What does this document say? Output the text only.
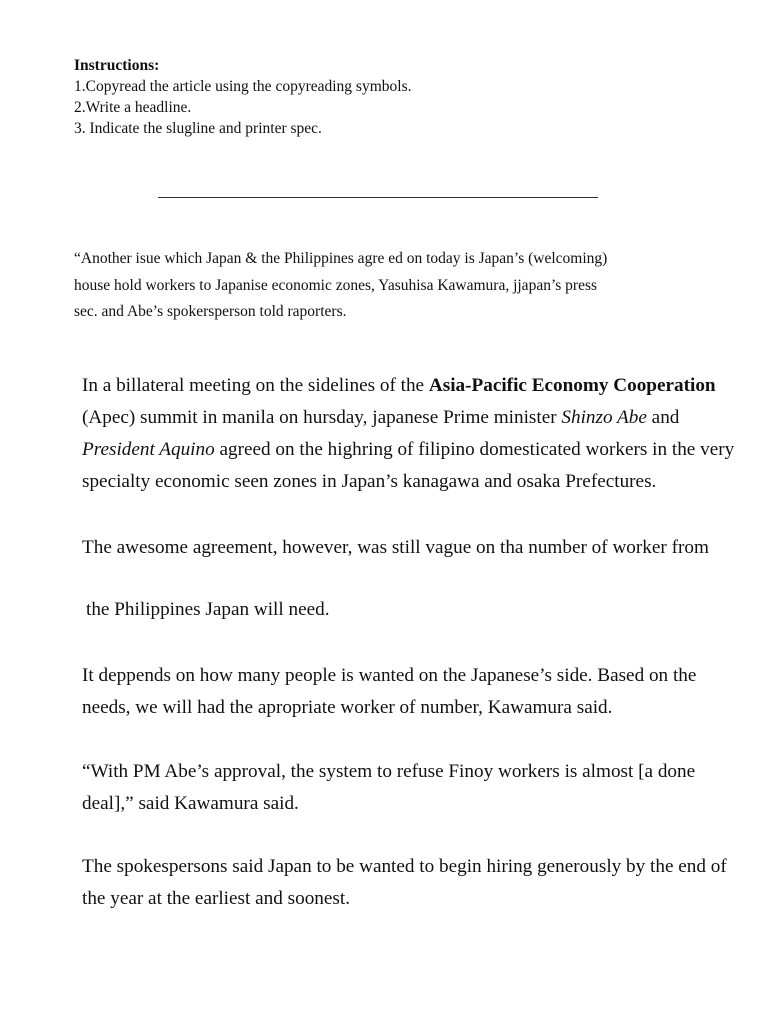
Instructions:
1.Copyread the article using the copyreading symbols.
2.Write a headline.
3. Indicate the slugline and printer spec.
“Another isue which Japan & the Philippines agre ed on today is Japan’s (welcoming)
house hold workers to Japanise economic zones, Yasuhisa Kawamura, jjapan’s press
sec. and Abe’s spokersperson told raporters.
In a billateral meeting on the sidelines of the Asia-Pacific Economy Cooperation
(Apec) summit in manila on hursday, japanese Prime minister Shinzo Abe and
President Aquino agreed on the highring of filipino domesticated workers in the very
specialty economic seen zones in Japan’s kanagawa and osaka Prefectures.
The awesome agreement, however, was still vague on tha number of worker from
the Philippines Japan will need.
It deppends on how many people is wanted on the Japanese’s side. Based on the
needs, we will had the apropriate worker of number, Kawamura said.
“With PM Abe’s approval, the system to refuse Finoy workers is almost [a done
deal],” said Kawamura said.
The spokespersons said Japan to be wanted to begin hiring generously by the end of
the year at the earliest and soonest.
